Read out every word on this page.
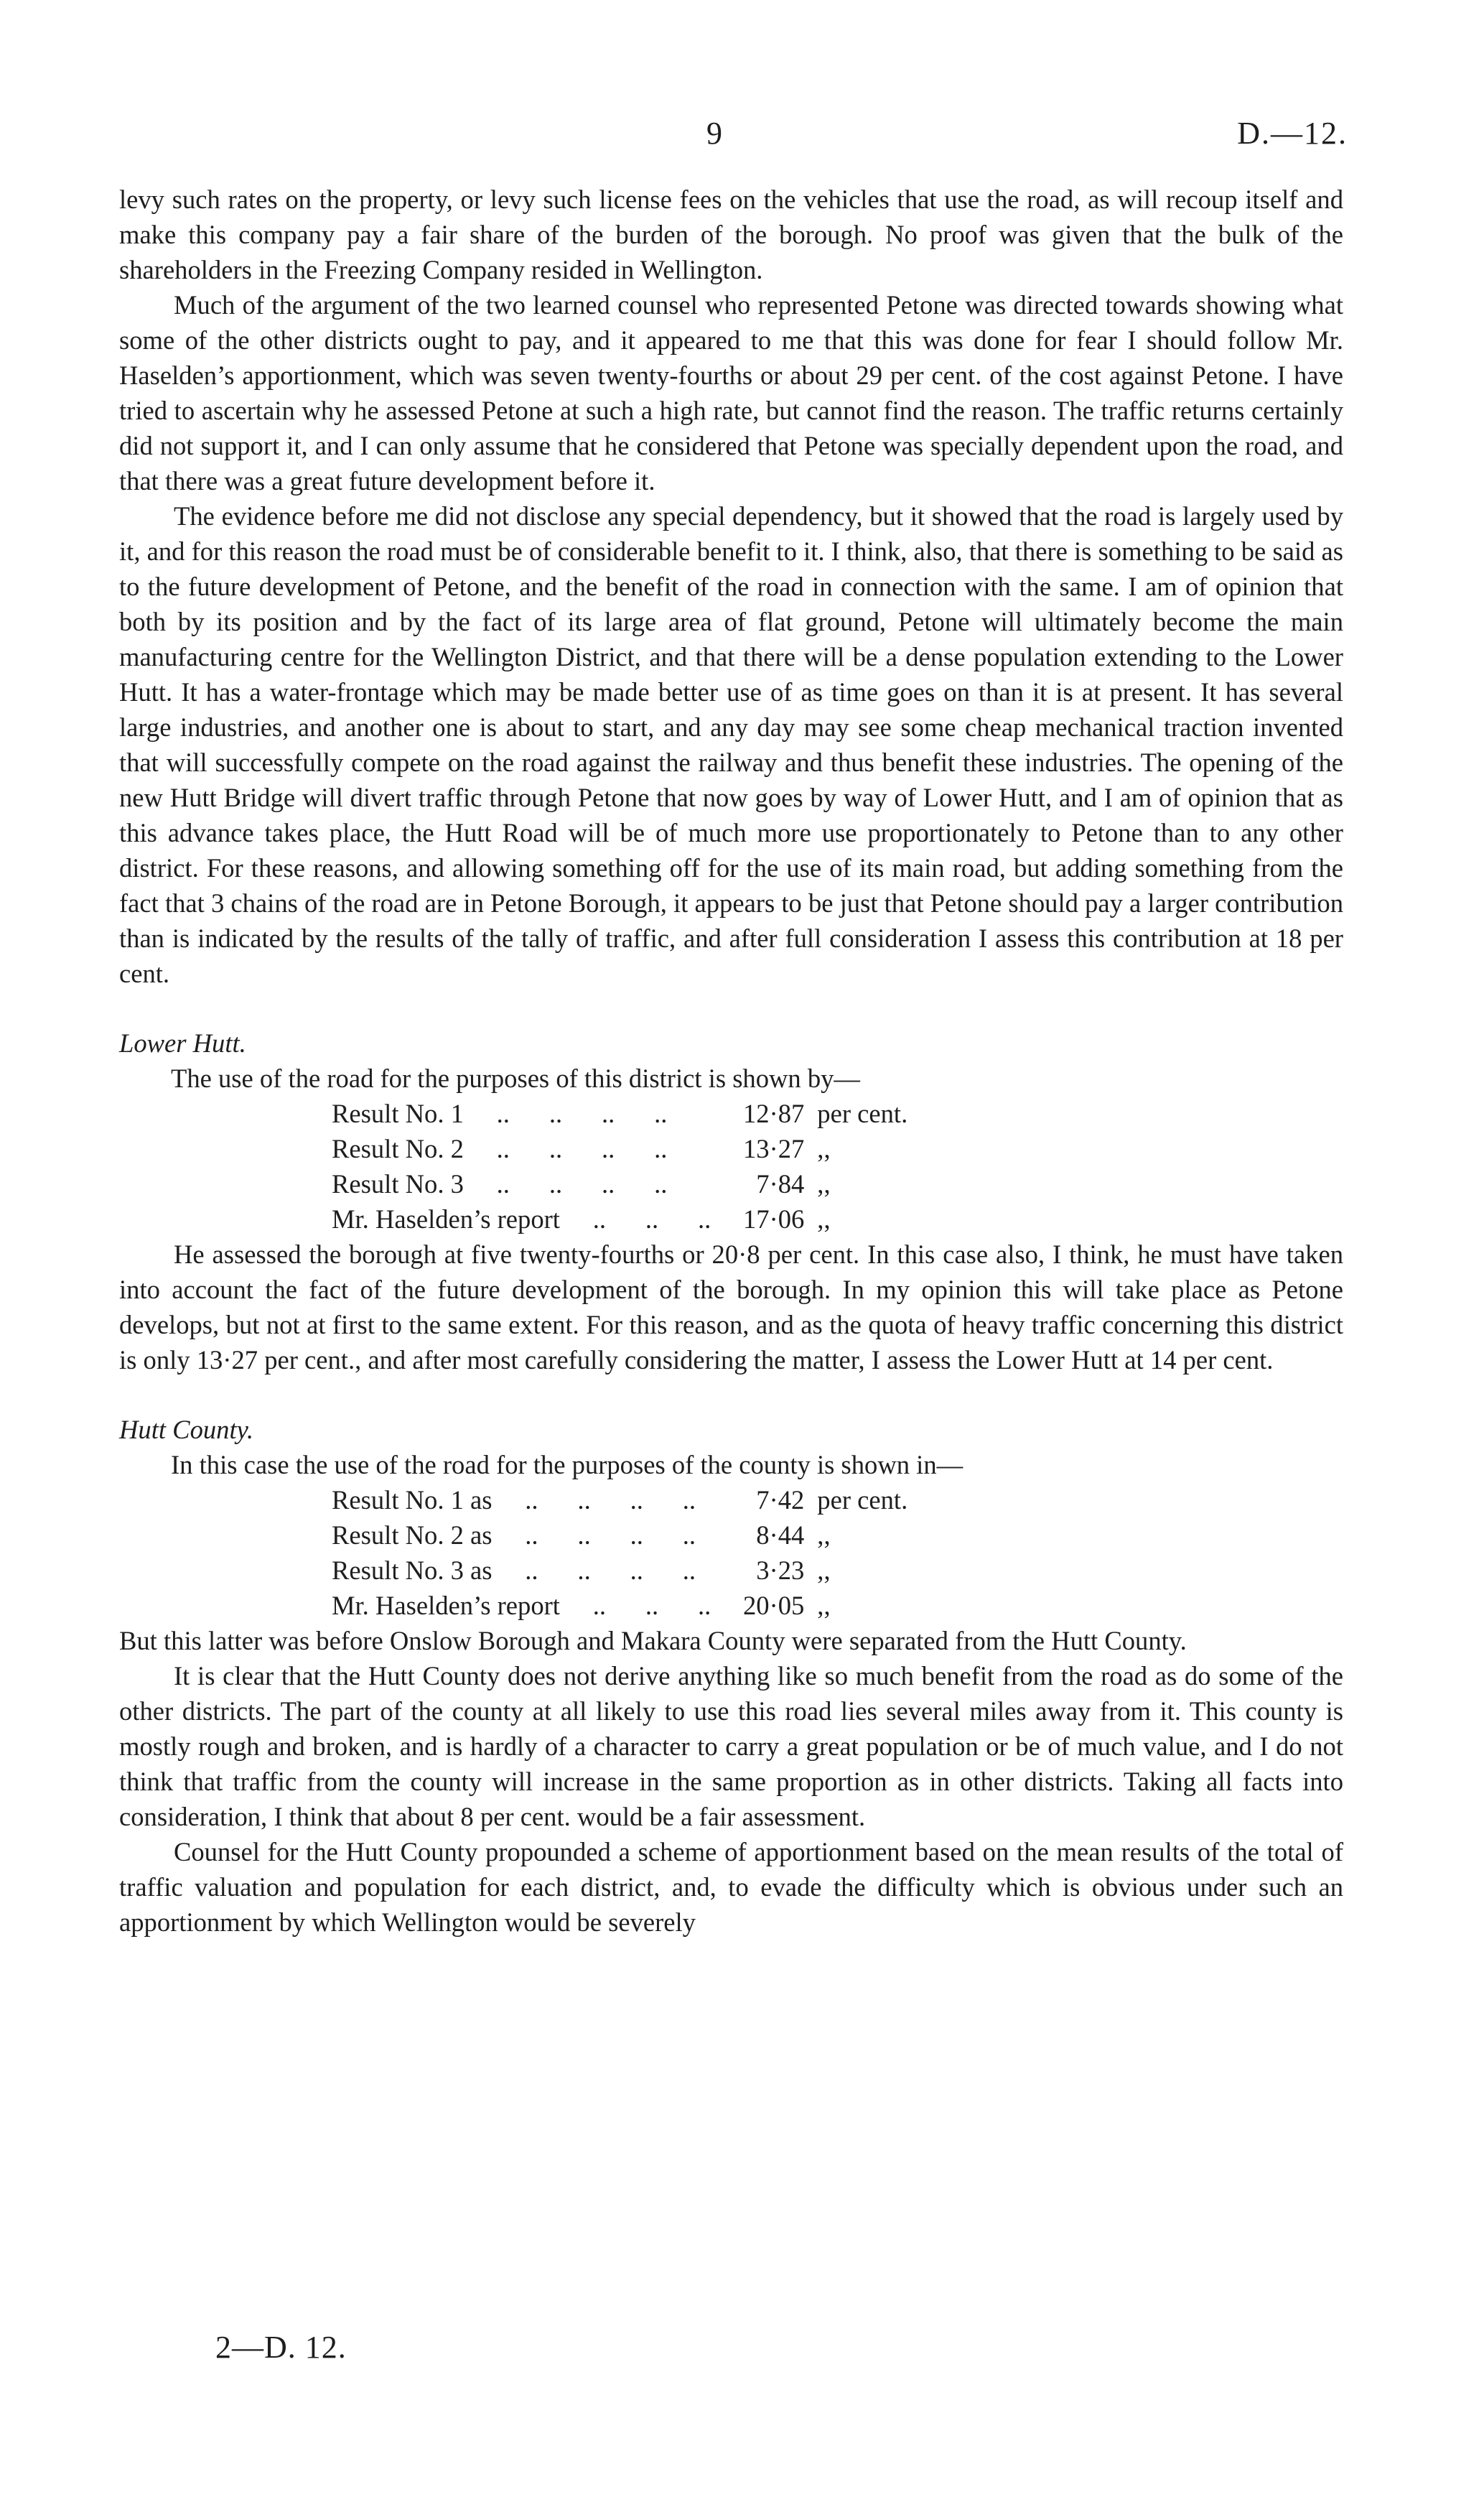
9	D.—12.

levy such rates on the property, or levy such license fees on the vehicles that use the road, as will recoup itself and make this company pay a fair share of the burden of the borough. No proof was given that the bulk of the shareholders in the Freezing Company resided in Wellington.

Much of the argument of the two learned counsel who represented Petone was directed towards showing what some of the other districts ought to pay, and it appeared to me that this was done for fear I should follow Mr. Haselden’s apportionment, which was seven twenty-fourths or about 29 per cent. of the cost against Petone. I have tried to ascertain why he assessed Petone at such a high rate, but cannot find the reason. The traffic returns certainly did not support it, and I can only assume that he considered that Petone was specially dependent upon the road, and that there was a great future development before it.

The evidence before me did not disclose any special dependency, but it showed that the road is largely used by it, and for this reason the road must be of considerable benefit to it. I think, also, that there is something to be said as to the future development of Petone, and the benefit of the road in connection with the same. I am of opinion that both by its position and by the fact of its large area of flat ground, Petone will ultimately become the main manufacturing centre for the Wellington District, and that there will be a dense population extending to the Lower Hutt. It has a water-frontage which may be made better use of as time goes on than it is at present. It has several large industries, and another one is about to start, and any day may see some cheap mechanical traction invented that will successfully compete on the road against the railway and thus benefit these industries. The opening of the new Hutt Bridge will divert traffic through Petone that now goes by way of Lower Hutt, and I am of opinion that as this advance takes place, the Hutt Road will be of much more use proportionately to Petone than to any other district. For these reasons, and allowing something off for the use of its main road, but adding something from the fact that 3 chains of the road are in Petone Borough, it appears to be just that Petone should pay a larger contribution than is indicated by the results of the tally of traffic, and after full consideration I assess this contribution at 18 per cent.

Lower Hutt.

The use of the road for the purposes of this district is shown by—

Result No. 1 ..      ..      ..      ..	12·87	per cent.
Result No. 2 ..      ..      ..      ..	13·27	,,
Result No. 3 ..      ..      ..      ..	7·84	,,
Mr. Haselden’s report ..      ..      ..	17·06	,,

He assessed the borough at five twenty-fourths or 20·8 per cent. In this case also, I think, he must have taken into account the fact of the future development of the borough. In my opinion this will take place as Petone develops, but not at first to the same extent. For this reason, and as the quota of heavy traffic concerning this district is only 13·27 per cent., and after most carefully considering the matter, I assess the Lower Hutt at 14 per cent.

Hutt County.

In this case the use of the road for the purposes of the county is shown in—

Result No. 1 as ..      ..      ..      ..	7·42	per cent.
Result No. 2 as ..      ..      ..      ..	8·44	,,
Result No. 3 as ..      ..      ..      ..	3·23	,,
Mr. Haselden’s report ..      ..      ..	20·05	,,

But this latter was before Onslow Borough and Makara County were separated from the Hutt County.

It is clear that the Hutt County does not derive anything like so much benefit from the road as do some of the other districts. The part of the county at all likely to use this road lies several miles away from it. This county is mostly rough and broken, and is hardly of a character to carry a great population or be of much value, and I do not think that traffic from the county will increase in the same proportion as in other districts. Taking all facts into consideration, I think that about 8 per cent. would be a fair assessment.

Counsel for the Hutt County propounded a scheme of apportionment based on the mean results of the total of traffic valuation and population for each district, and, to evade the difficulty which is obvious under such an apportionment by which Wellington would be severely

2—D. 12.
